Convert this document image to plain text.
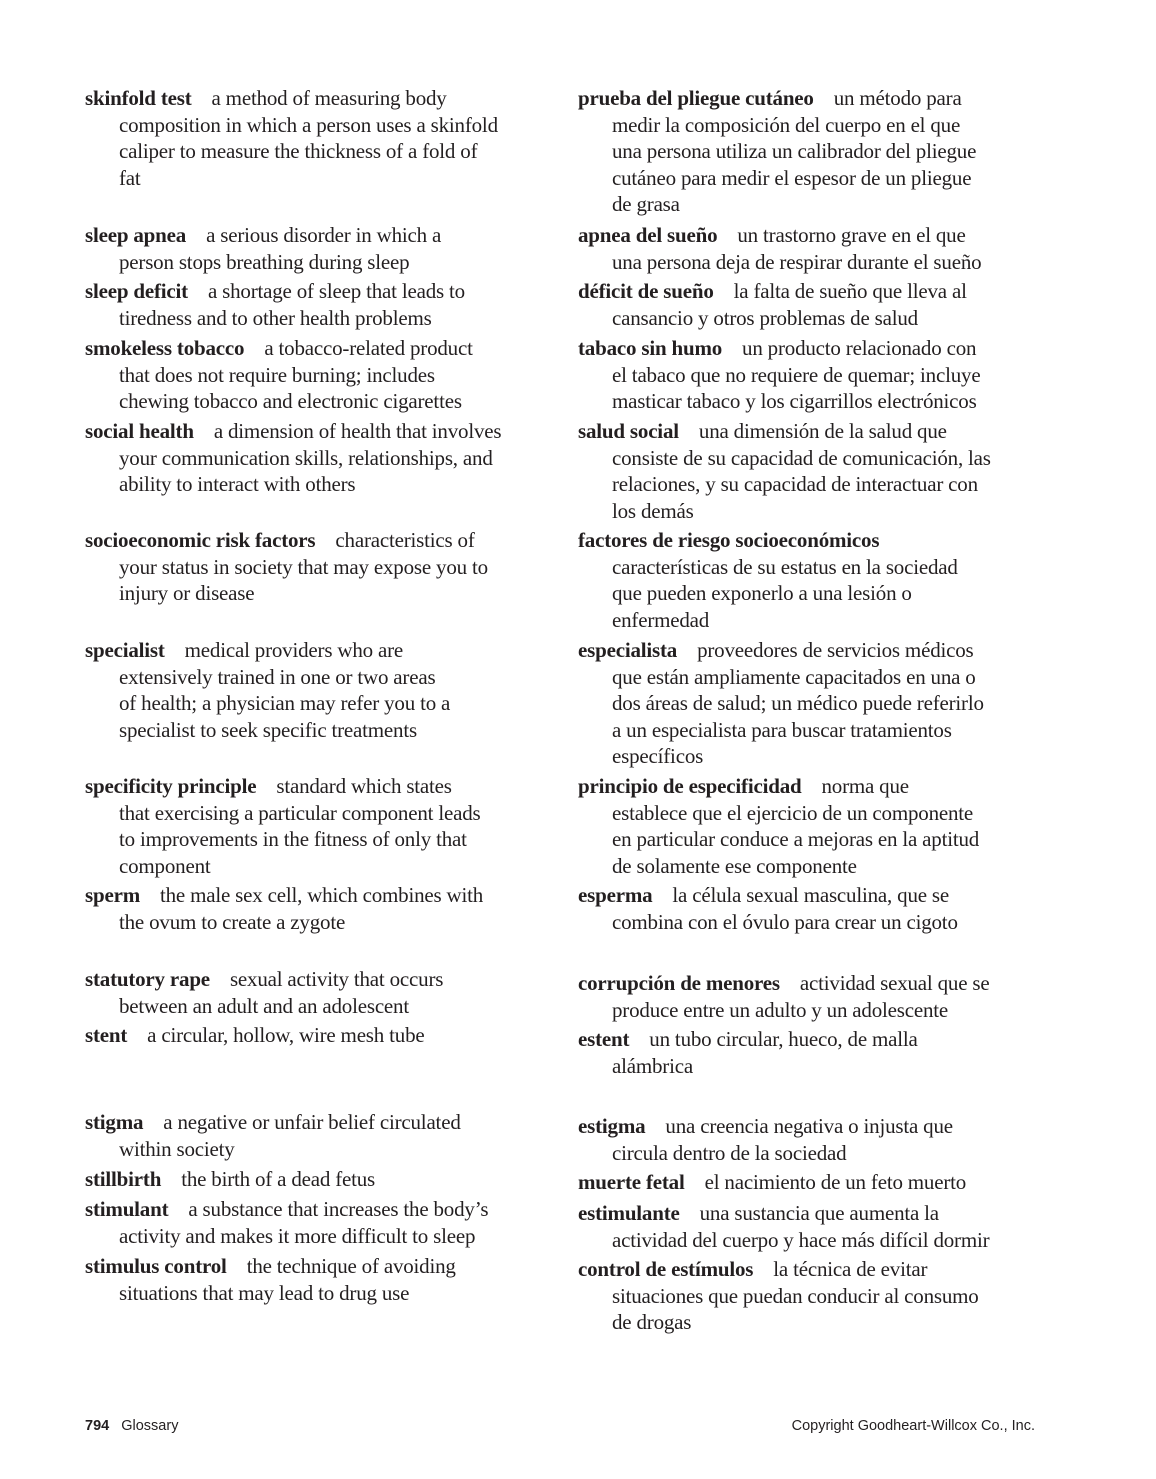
skinfold test a method of measuring body
composition in which a person uses a skinfold
caliper to measure the thickness of a fold of
fat
sleep apnea a serious disorder in which a
person stops breathing during sleep
sleep deficit a shortage of sleep that leads to
tiredness and to other health problems
smokeless tobacco a tobacco-related product
that does not require burning; includes
chewing tobacco and electronic cigarettes
social health a dimension of health that involves
your communication skills, relationships, and
ability to interact with others
socioeconomic risk factors characteristics of
your status in society that may expose you to
injury or disease
specialist medical providers who are
extensively trained in one or two areas
of health; a physician may refer you to a
specialist to seek specific treatments
specificity principle standard which states
that exercising a particular component leads
to improvements in the fitness of only that
component
sperm the male sex cell, which combines with
the ovum to create a zygote
statutory rape sexual activity that occurs
between an adult and an adolescent
stent a circular, hollow, wire mesh tube
stigma a negative or unfair belief circulated
within society
stillbirth the birth of a dead fetus
stimulant a substance that increases the body’s
activity and makes it more difficult to sleep
stimulus control the technique of avoiding
situations that may lead to drug use
prueba del pliegue cutáneo un método para
medir la composición del cuerpo en el que
una persona utiliza un calibrador del pliegue
cutáneo para medir el espesor de un pliegue
de grasa
apnea del sueño un trastorno grave en el que
una persona deja de respirar durante el sueño
déficit de sueño la falta de sueño que lleva al
cansancio y otros problemas de salud
tabaco sin humo un producto relacionado con
el tabaco que no requiere de quemar; incluye
masticar tabaco y los cigarrillos electrónicos
salud social una dimensión de la salud que
consiste de su capacidad de comunicación, las
relaciones, y su capacidad de interactuar con
los demás
factores de riesgo socioeconómicos
características de su estatus en la sociedad
que pueden exponerlo a una lesión o
enfermedad
especialista proveedores de servicios médicos
que están ampliamente capacitados en una o
dos áreas de salud; un médico puede referirlo
a un especialista para buscar tratamientos
específicos
principio de especificidad norma que
establece que el ejercicio de un componente
en particular conduce a mejoras en la aptitud
de solamente ese componente
esperma la célula sexual masculina, que se
combina con el óvulo para crear un cigoto
corrupción de menores actividad sexual que se
produce entre un adulto y un adolescente
estent un tubo circular, hueco, de malla
alámbrica
estigma una creencia negativa o injusta que
circula dentro de la sociedad
muerte fetal el nacimiento de un feto muerto
estimulante una sustancia que aumenta la
actividad del cuerpo y hace más difícil dormir
control de estímulos la técnica de evitar
situaciones que puedan conducir al consumo
de drogas
794 Glossary	Copyright Goodheart-Willcox Co., Inc.
